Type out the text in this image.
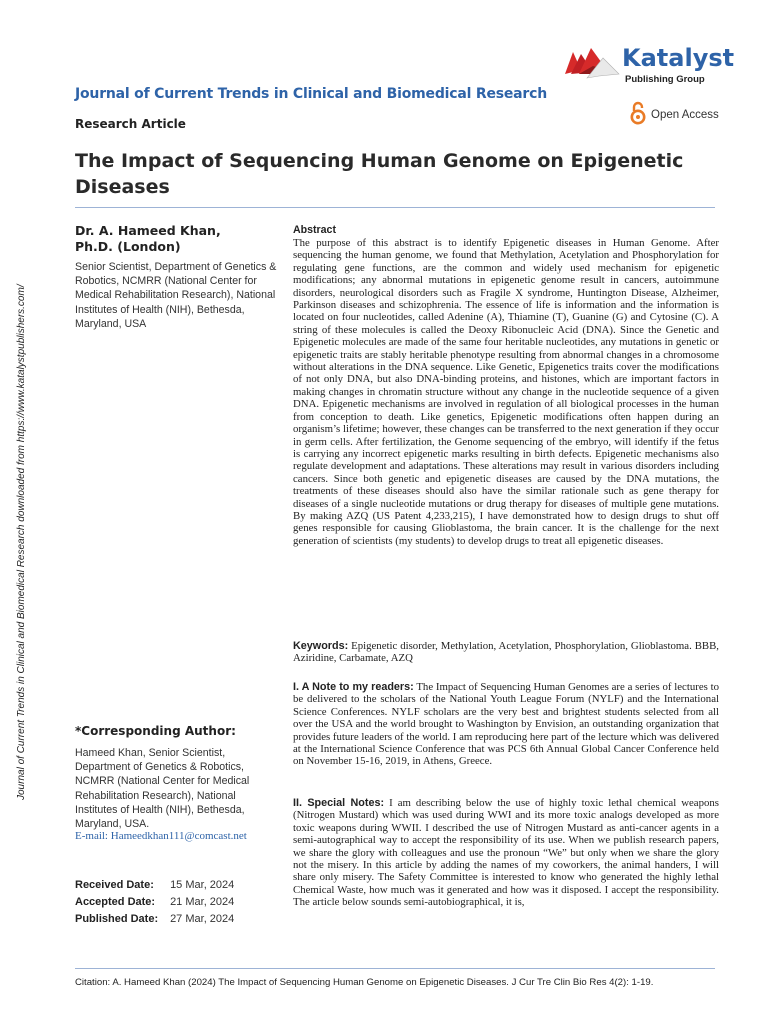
Journal of Current Trends in Clinical and Biomedical Research downloaded from https://www.katalystpublishers.com/
Katalyst
Publishing Group
Journal of Current Trends in Clinical and Biomedical Research
Open Access
Research Article
The Impact of Sequencing Human Genome on Epigenetic Diseases
Dr. A. Hameed Khan,
Ph.D. (London)
Senior Scientist, Department of Genetics & Robotics, NCMRR (National Center for Medical Rehabilitation Research), National Institutes of Health (NIH), Bethesda, Maryland, USA
*Corresponding Author:
Hameed Khan, Senior Scientist, Department of Genetics & Robotics, NCMRR (National Center for Medical Rehabilitation Research), National Institutes of Health (NIH), Bethesda, Maryland, USA.
E-mail: Hameedkhan111@comcast.net
Received Date: 15 Mar, 2024
Accepted Date: 21 Mar, 2024
Published Date: 27 Mar, 2024
Abstract
The purpose of this abstract is to identify Epigenetic diseases in Human Genome. After sequencing the human genome, we found that Methylation, Acetylation and Phosphorylation for regulating gene functions, are the common and widely used mechanism for epigenetic modifications; any abnormal mutations in epigenetic genome result in cancers, autoimmune disorders, neurological disorders such as Fragile X syndrome, Huntington Disease, Alzheimer, Parkinson diseases and schizophrenia. The essence of life is information and the information is located on four nucleotides, called Adenine (A), Thiamine (T), Guanine (G) and Cytosine (C). A string of these molecules is called the Deoxy Ribonucleic Acid (DNA). Since the Genetic and Epigenetic molecules are made of the same four heritable nucleotides, any mutations in genetic or epigenetic traits are stably heritable phenotype resulting from abnormal changes in a chromosome without alterations in the DNA sequence. Like Genetic, Epigenetics traits cover the modifications of not only DNA, but also DNA-binding proteins, and histones, which are important factors in making changes in chromatin structure without any change in the nucleotide sequence of a given DNA. Epigenetic mechanisms are involved in regulation of all biological processes in the human from conception to death. Like genetics, Epigenetic modifications often happen during an organism’s lifetime; however, these changes can be transferred to the next generation if they occur in germ cells. After fertilization, the Genome sequencing of the embryo, will identify if the fetus is carrying any incorrect epigenetic marks resulting in birth defects. Epigenetic mechanisms also regulate development and adaptations. These alterations may result in various disorders including cancers. Since both genetic and epigenetic diseases are caused by the DNA mutations, the treatments of these diseases should also have the similar rationale such as gene therapy for diseases of a single nucleotide mutations or drug therapy for diseases of multiple gene mutations. By making AZQ (US Patent 4,233,215), I have demonstrated how to design drugs to shut off genes responsible for causing Glioblastoma, the brain cancer. It is the challenge for the next generation of scientists (my students) to develop drugs to treat all epigenetic diseases.
Keywords: Epigenetic disorder, Methylation, Acetylation, Phosphorylation, Glioblastoma. BBB, Aziridine, Carbamate, AZQ
I. A Note to my readers: The Impact of Sequencing Human Genomes are a series of lectures to be delivered to the scholars of the National Youth League Forum (NYLF) and the International Science Conferences. NYLF scholars are the very best and brightest students selected from all over the USA and the world brought to Washington by Envision, an outstanding organization that provides future leaders of the world. I am reproducing here part of the lecture which was delivered at the International Science Conference that was PCS 6th Annual Global Cancer Conference held on November 15-16, 2019, in Athens, Greece.
II. Special Notes: I am describing below the use of highly toxic lethal chemical weapons (Nitrogen Mustard) which was used during WWI and its more toxic analogs developed as more toxic weapons during WWII. I described the use of Nitrogen Mustard as anti-cancer agents in a semi-autographical way to accept the responsibility of its use. When we publish research papers, we share the glory with colleagues and use the pronoun “We” but only when we share the glory not the misery. In this article by adding the names of my coworkers, the animal handers, I will share only misery. The Safety Committee is interested to know who generated the highly lethal Chemical Waste, how much was it generated and how was it disposed. I accept the responsibility. The article below sounds semi-autobiographical, it is,
Citation: A. Hameed Khan (2024) The Impact of Sequencing Human Genome on Epigenetic Diseases. J Cur Tre Clin Bio Res 4(2): 1-19.
